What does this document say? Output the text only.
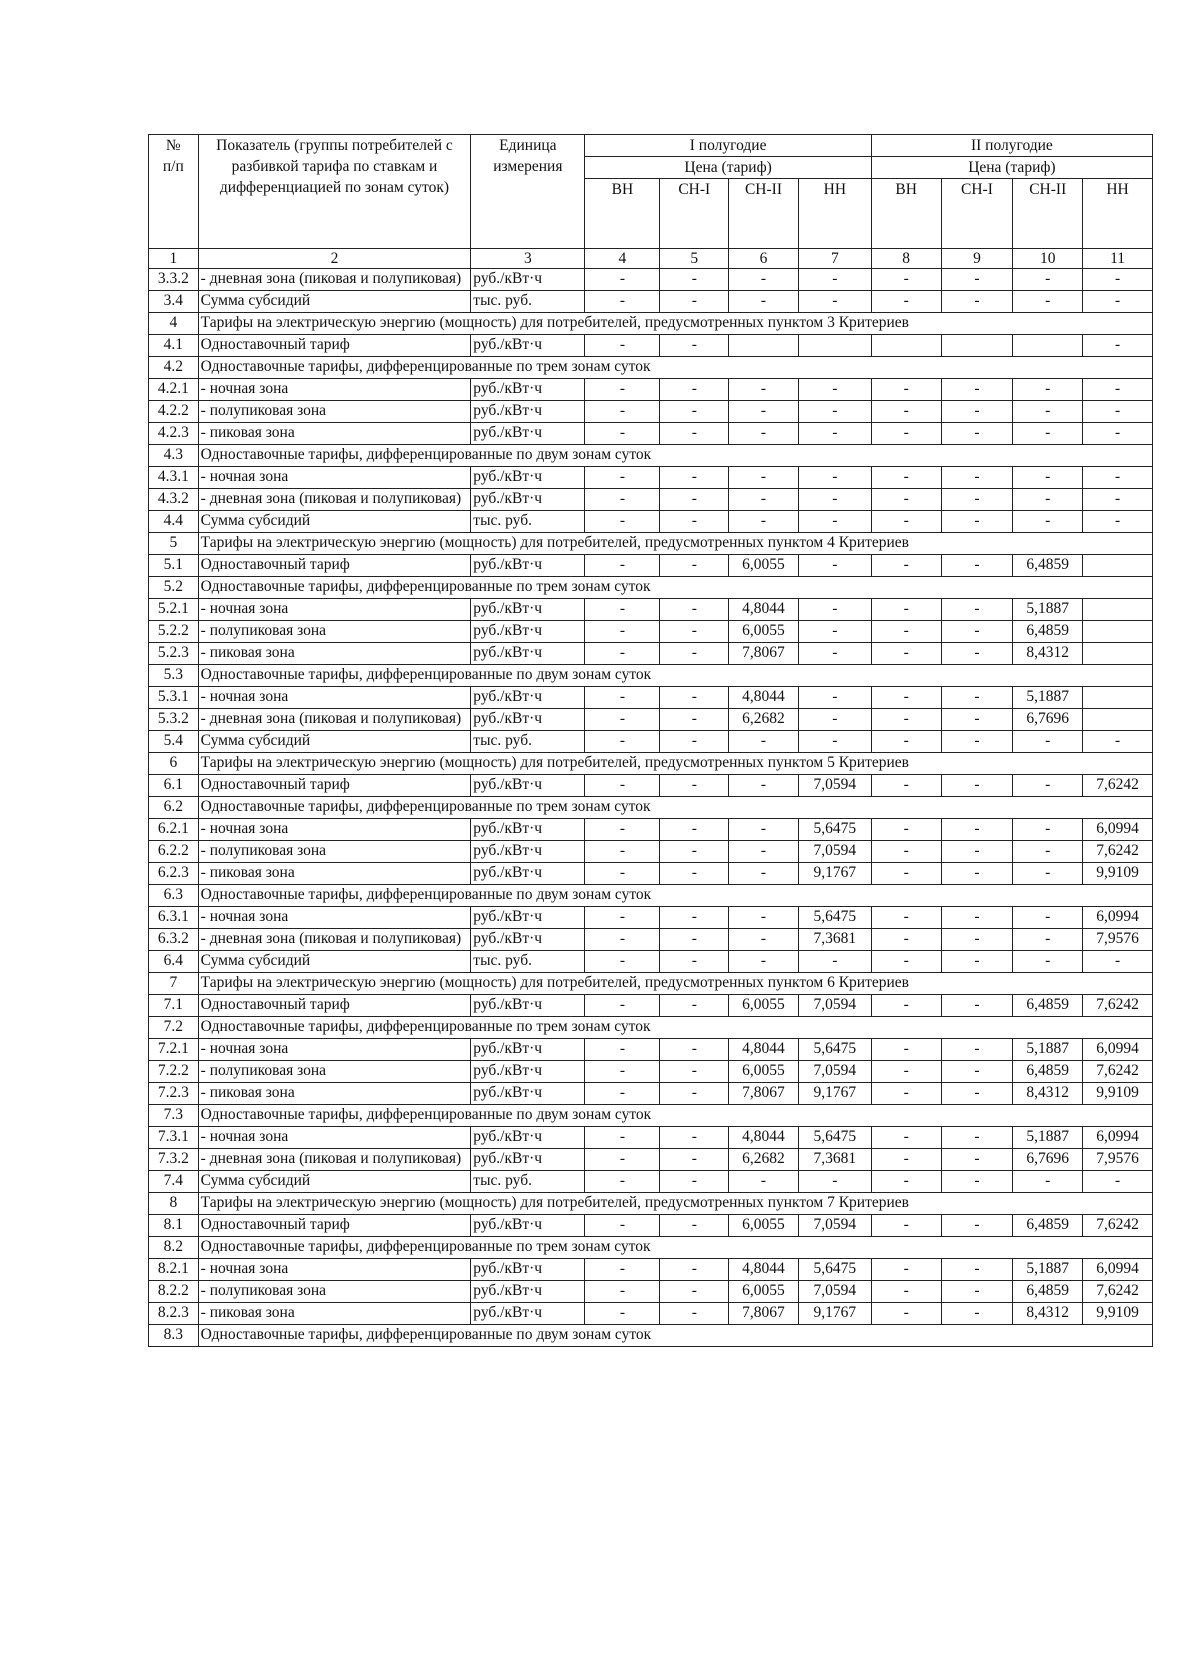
№
п/п	Показатель (группы потребителей с разбивкой тарифа по ставкам и дифференциацией по зонам суток)	Единица измерения	I полугодие				II полугодие			
			Цена (тариф)				Цена (тариф)			
			ВН	СН-I	СН-II	НН	ВН	СН-I	СН-II	НН
1	2	3	4	5	6	7	8	9	10	11
3.3.2	- дневная зона (пиковая и полупиковая)	руб./кВт·ч	-	-	-	-	-	-	-	-
3.4	Сумма субсидий	тыс. руб.	-	-	-	-	-	-	-	-
4	Тарифы на электрическую энергию (мощность) для потребителей, предусмотренных пунктом 3 Критериев									
4.1	Одноставочный тариф	руб./кВт·ч	-	-						-
4.2	Одноставочные тарифы, дифференцированные по трем зонам суток									
4.2.1	- ночная зона	руб./кВт·ч	-	-	-	-	-	-	-	-
4.2.2	- полупиковая зона	руб./кВт·ч	-	-	-	-	-	-	-	-
4.2.3	- пиковая зона	руб./кВт·ч	-	-	-	-	-	-	-	-
4.3	Одноставочные тарифы, дифференцированные по двум зонам суток									
4.3.1	- ночная зона	руб./кВт·ч	-	-	-	-	-	-	-	-
4.3.2	- дневная зона (пиковая и полупиковая)	руб./кВт·ч	-	-	-	-	-	-	-	-
4.4	Сумма субсидий	тыс. руб.	-	-	-	-	-	-	-	-
5	Тарифы на электрическую энергию (мощность) для потребителей, предусмотренных пунктом 4 Критериев									
5.1	Одноставочный тариф	руб./кВт·ч	-	-	6,0055	-	-	-	6,4859	
5.2	Одноставочные тарифы, дифференцированные по трем зонам суток									
5.2.1	- ночная зона	руб./кВт·ч	-	-	4,8044	-	-	-	5,1887	
5.2.2	- полупиковая зона	руб./кВт·ч	-	-	6,0055	-	-	-	6,4859	
5.2.3	- пиковая зона	руб./кВт·ч	-	-	7,8067	-	-	-	8,4312	
5.3	Одноставочные тарифы, дифференцированные по двум зонам суток									
5.3.1	- ночная зона	руб./кВт·ч	-	-	4,8044	-	-	-	5,1887	
5.3.2	- дневная зона (пиковая и полупиковая)	руб./кВт·ч	-	-	6,2682	-	-	-	6,7696	
5.4	Сумма субсидий	тыс. руб.	-	-	-	-	-	-	-	-
6	Тарифы на электрическую энергию (мощность) для потребителей, предусмотренных пунктом 5 Критериев									
6.1	Одноставочный тариф	руб./кВт·ч	-	-	-	7,0594	-	-	-	7,6242
6.2	Одноставочные тарифы, дифференцированные по трем зонам суток									
6.2.1	- ночная зона	руб./кВт·ч	-	-	-	5,6475	-	-	-	6,0994
6.2.2	- полупиковая зона	руб./кВт·ч	-	-	-	7,0594	-	-	-	7,6242
6.2.3	- пиковая зона	руб./кВт·ч	-	-	-	9,1767	-	-	-	9,9109
6.3	Одноставочные тарифы, дифференцированные по двум зонам суток									
6.3.1	- ночная зона	руб./кВт·ч	-	-	-	5,6475	-	-	-	6,0994
6.3.2	- дневная зона (пиковая и полупиковая)	руб./кВт·ч	-	-	-	7,3681	-	-	-	7,9576
6.4	Сумма субсидий	тыс. руб.	-	-	-	-	-	-	-	-
7	Тарифы на электрическую энергию (мощность) для потребителей, предусмотренных пунктом 6 Критериев									
7.1	Одноставочный тариф	руб./кВт·ч	-	-	6,0055	7,0594	-	-	6,4859	7,6242
7.2	Одноставочные тарифы, дифференцированные по трем зонам суток									
7.2.1	- ночная зона	руб./кВт·ч	-	-	4,8044	5,6475	-	-	5,1887	6,0994
7.2.2	- полупиковая зона	руб./кВт·ч	-	-	6,0055	7,0594	-	-	6,4859	7,6242
7.2.3	- пиковая зона	руб./кВт·ч	-	-	7,8067	9,1767	-	-	8,4312	9,9109
7.3	Одноставочные тарифы, дифференцированные по двум зонам суток									
7.3.1	- ночная зона	руб./кВт·ч	-	-	4,8044	5,6475	-	-	5,1887	6,0994
7.3.2	- дневная зона (пиковая и полупиковая)	руб./кВт·ч	-	-	6,2682	7,3681	-	-	6,7696	7,9576
7.4	Сумма субсидий	тыс. руб.	-	-	-	-	-	-	-	-
8	Тарифы на электрическую энергию (мощность) для потребителей, предусмотренных пунктом 7 Критериев									
8.1	Одноставочный тариф	руб./кВт·ч	-	-	6,0055	7,0594	-	-	6,4859	7,6242
8.2	Одноставочные тарифы, дифференцированные по трем зонам суток									
8.2.1	- ночная зона	руб./кВт·ч	-	-	4,8044	5,6475	-	-	5,1887	6,0994
8.2.2	- полупиковая зона	руб./кВт·ч	-	-	6,0055	7,0594	-	-	6,4859	7,6242
8.2.3	- пиковая зона	руб./кВт·ч	-	-	7,8067	9,1767	-	-	8,4312	9,9109
8.3	Одноставочные тарифы, дифференцированные по двум зонам суток									
